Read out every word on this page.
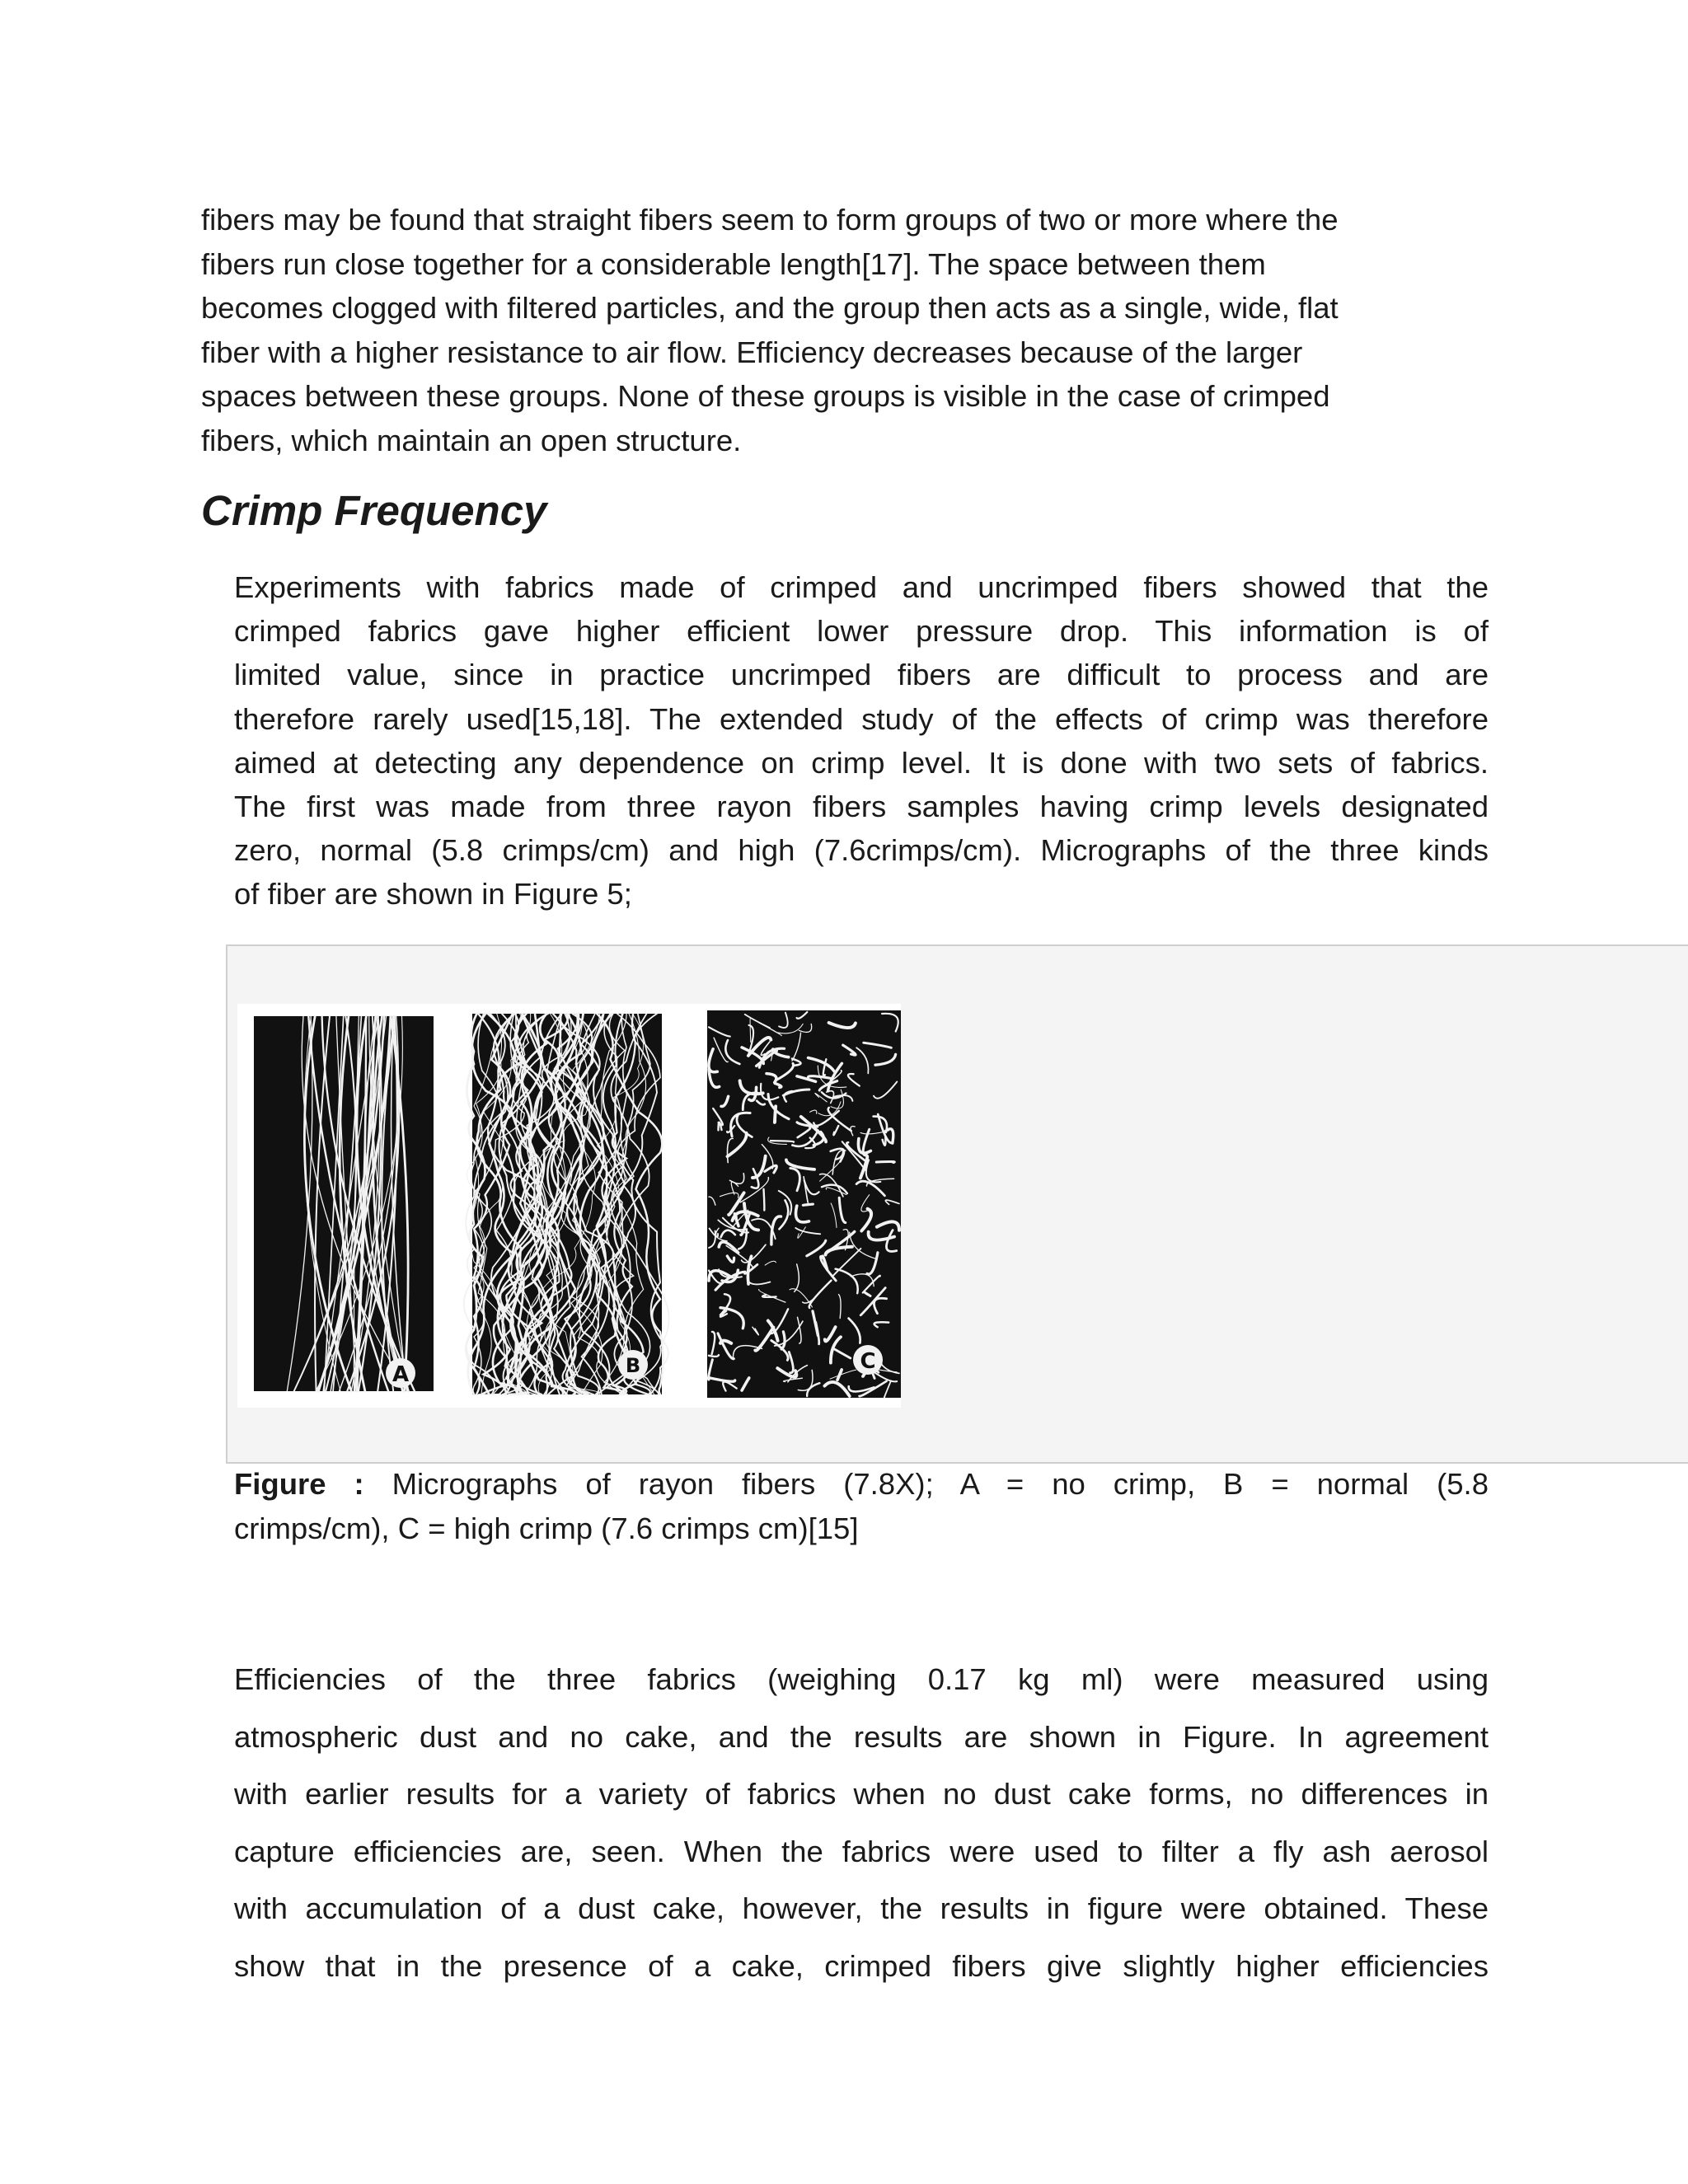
fibers may be found that straight fibers seem to form groups of two or more where the
fibers run close together for a considerable length[17]. The space between them
becomes clogged with filtered particles, and the group then acts as a single, wide, flat
fiber with a higher resistance to air flow. Efficiency decreases because of the larger
spaces between these groups. None of these groups is visible in the case of crimped
fibers, which maintain an open structure.
Crimp Frequency
Experiments with fabrics made of crimped and uncrimped fibers showed that the
crimped fabrics gave higher efficient lower pressure drop. This information is of
limited value, since in practice uncrimped fibers are difficult to process and are
therefore rarely used[15,18]. The extended study of the effects of crimp was therefore
aimed at detecting any dependence on crimp level. It is done with two sets of fabrics.
The first was made from three rayon fibers samples having crimp levels designated
zero, normal (5.8 crimps/cm) and high (7.6crimps/cm). Micrographs of the three kinds
of fiber are shown in Figure 5;
A	B	C
Figure : Micrographs of rayon fibers (7.8X); A = no crimp, B = normal (5.8
crimps/cm), C = high crimp (7.6 crimps cm)[15]
Efficiencies of the three fabrics (weighing 0.17 kg ml) were measured using
atmospheric dust and no cake, and the results are shown in Figure. In agreement
with earlier results for a variety of fabrics when no dust cake forms, no differences in
capture efficiencies are, seen. When the fabrics were used to filter a fly ash aerosol
with accumulation of a dust cake, however, the results in figure were obtained. These
show that in the presence of a cake, crimped fibers give slightly higher efficiencies
